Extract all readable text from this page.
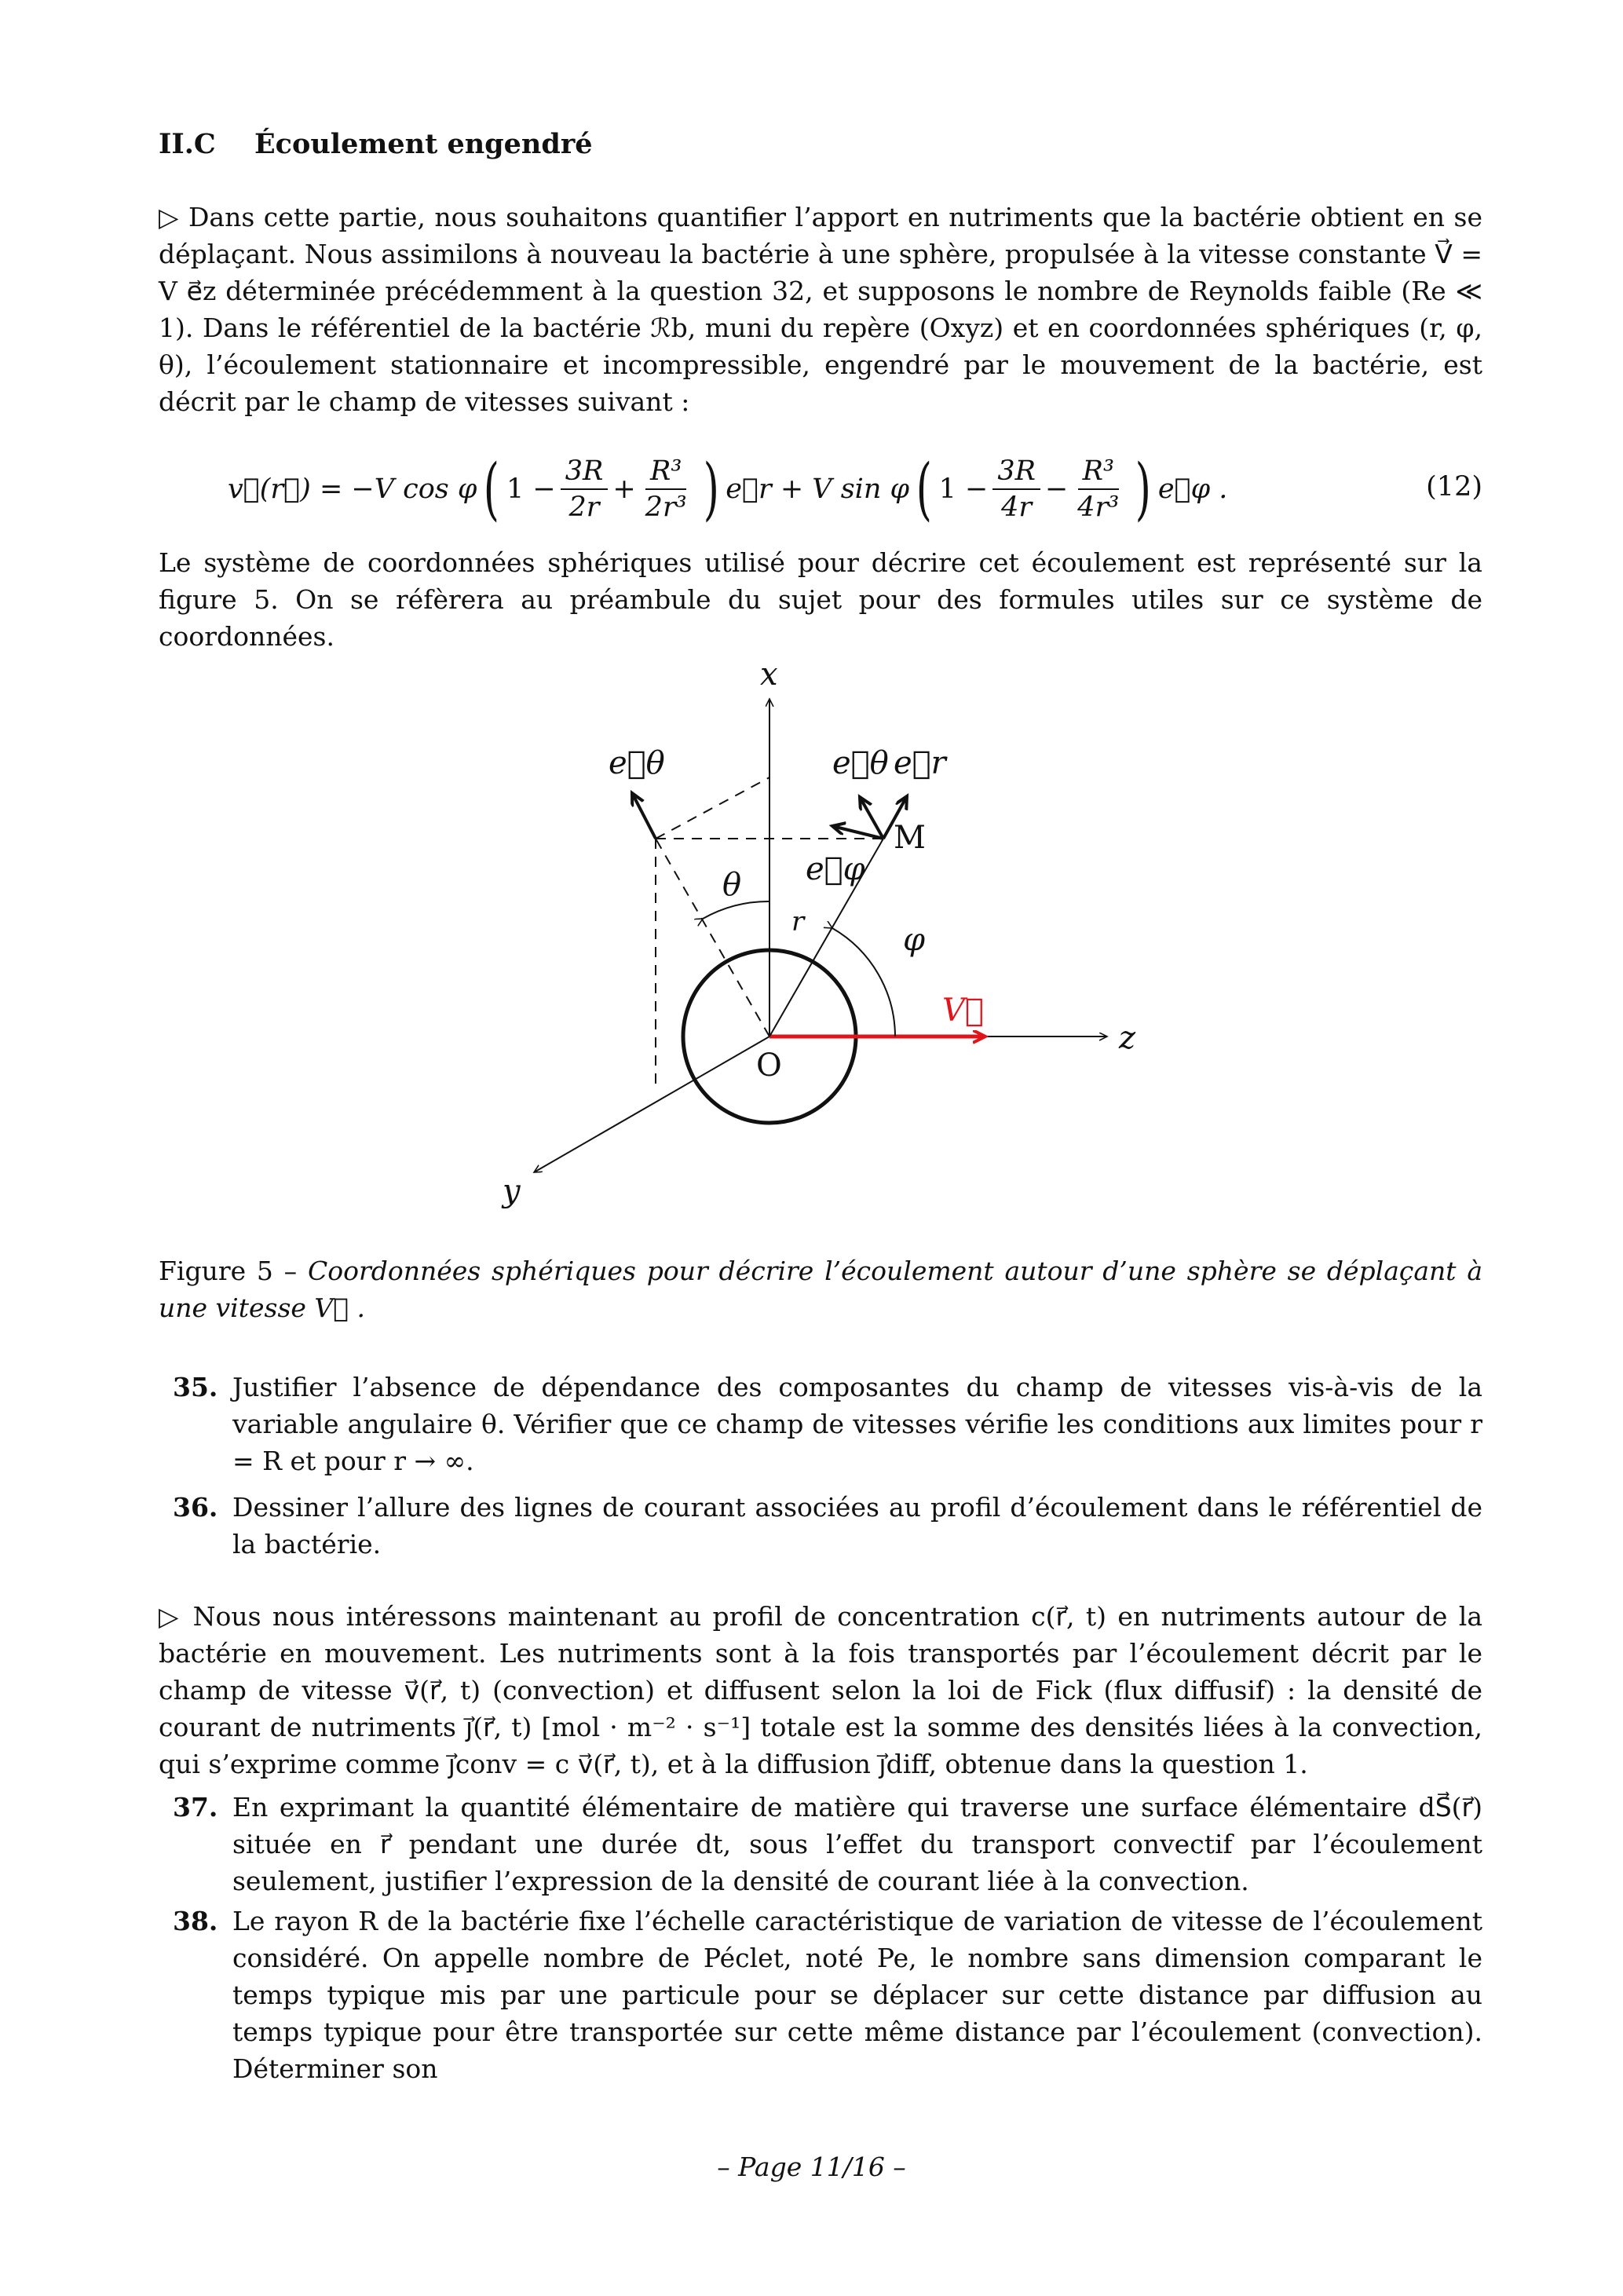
II.C Écoulement engendré
▷ Dans cette partie, nous souhaitons quantifier l’apport en nutriments que la bactérie obtient en se déplaçant. Nous assimilons à nouveau la bactérie à une sphère, propulsée à la vitesse constante V⃗ = V e⃗z déterminée précédemment à la question 32, et supposons le nombre de Reynolds faible (Re ≪ 1). Dans le référentiel de la bactérie ℛb, muni du repère (Oxyz) et en coordonnées sphériques (r, φ, θ), l’écoulement stationnaire et incompressible, engendré par le mouvement de la bactérie, est décrit par le champ de vitesses suivant :
v⃗(r⃗) = −V cos φ ( 1
− $\frac{3R}{2r} + \frac{\text{R³}}{\text{2r³}}$ ) e⃗r + V sin φ ( 1
− $\frac{3R}{4r} - \frac{\text{R³}}{\text{4r³}}$ ) e⃗φ .	(12)
Le système de coordonnées sphériques utilisé pour décrire cet écoulement est représenté sur la figure 5. On se réfèrera au préambule du sujet pour des formules utiles sur ce système de coordonnées.
x
z
y
e⃗θ	e⃗θ e⃗r
e⃗φ
θ
φ
r
V⃗
O
M
Figure 5 – Coordonnées sphériques pour décrire l’écoulement autour d’une sphère se déplaçant à une vitesse V⃗ .
35. Justifier l’absence de dépendance des composantes du champ de vitesses vis-à-vis de la variable angulaire θ. Vérifier que ce champ de vitesses vérifie les conditions aux limites pour r = R et pour r → ∞.
36. Dessiner l’allure des lignes de courant associées au profil d’écoulement dans le référentiel de la bactérie.
▷ Nous nous intéressons maintenant au profil de concentration c(r⃗, t) en nutriments autour de la bactérie en mouvement. Les nutriments sont à la fois transportés par l’écoulement décrit par le champ de vitesse v⃗(r⃗, t) (convection) et diffusent selon la loi de Fick (flux diffusif) : la densité de courant de nutriments j⃗(r⃗, t) [mol · m⁻² · s⁻¹] totale est la somme des densités liées à la convection, qui s’exprime comme j⃗conv = c v⃗(r⃗, t), et à la diffusion j⃗diff, obtenue dans la question 1.
37. En exprimant la quantité élémentaire de matière qui traverse une surface élémentaire dS⃗(r⃗) située en r⃗ pendant une durée dt, sous l’effet du transport convectif par l’écoulement seulement, justifier l’expression de la densité de courant liée à la convection.
38. Le rayon R de la bactérie fixe l’échelle caractéristique de variation de vitesse de l’écoulement considéré. On appelle nombre de Péclet, noté Pe, le nombre sans dimension comparant le temps typique mis par une particule pour se déplacer sur cette distance par diffusion au temps typique pour être transportée sur cette même distance par l’écoulement (convection). Déterminer son
– Page 11/16 –
